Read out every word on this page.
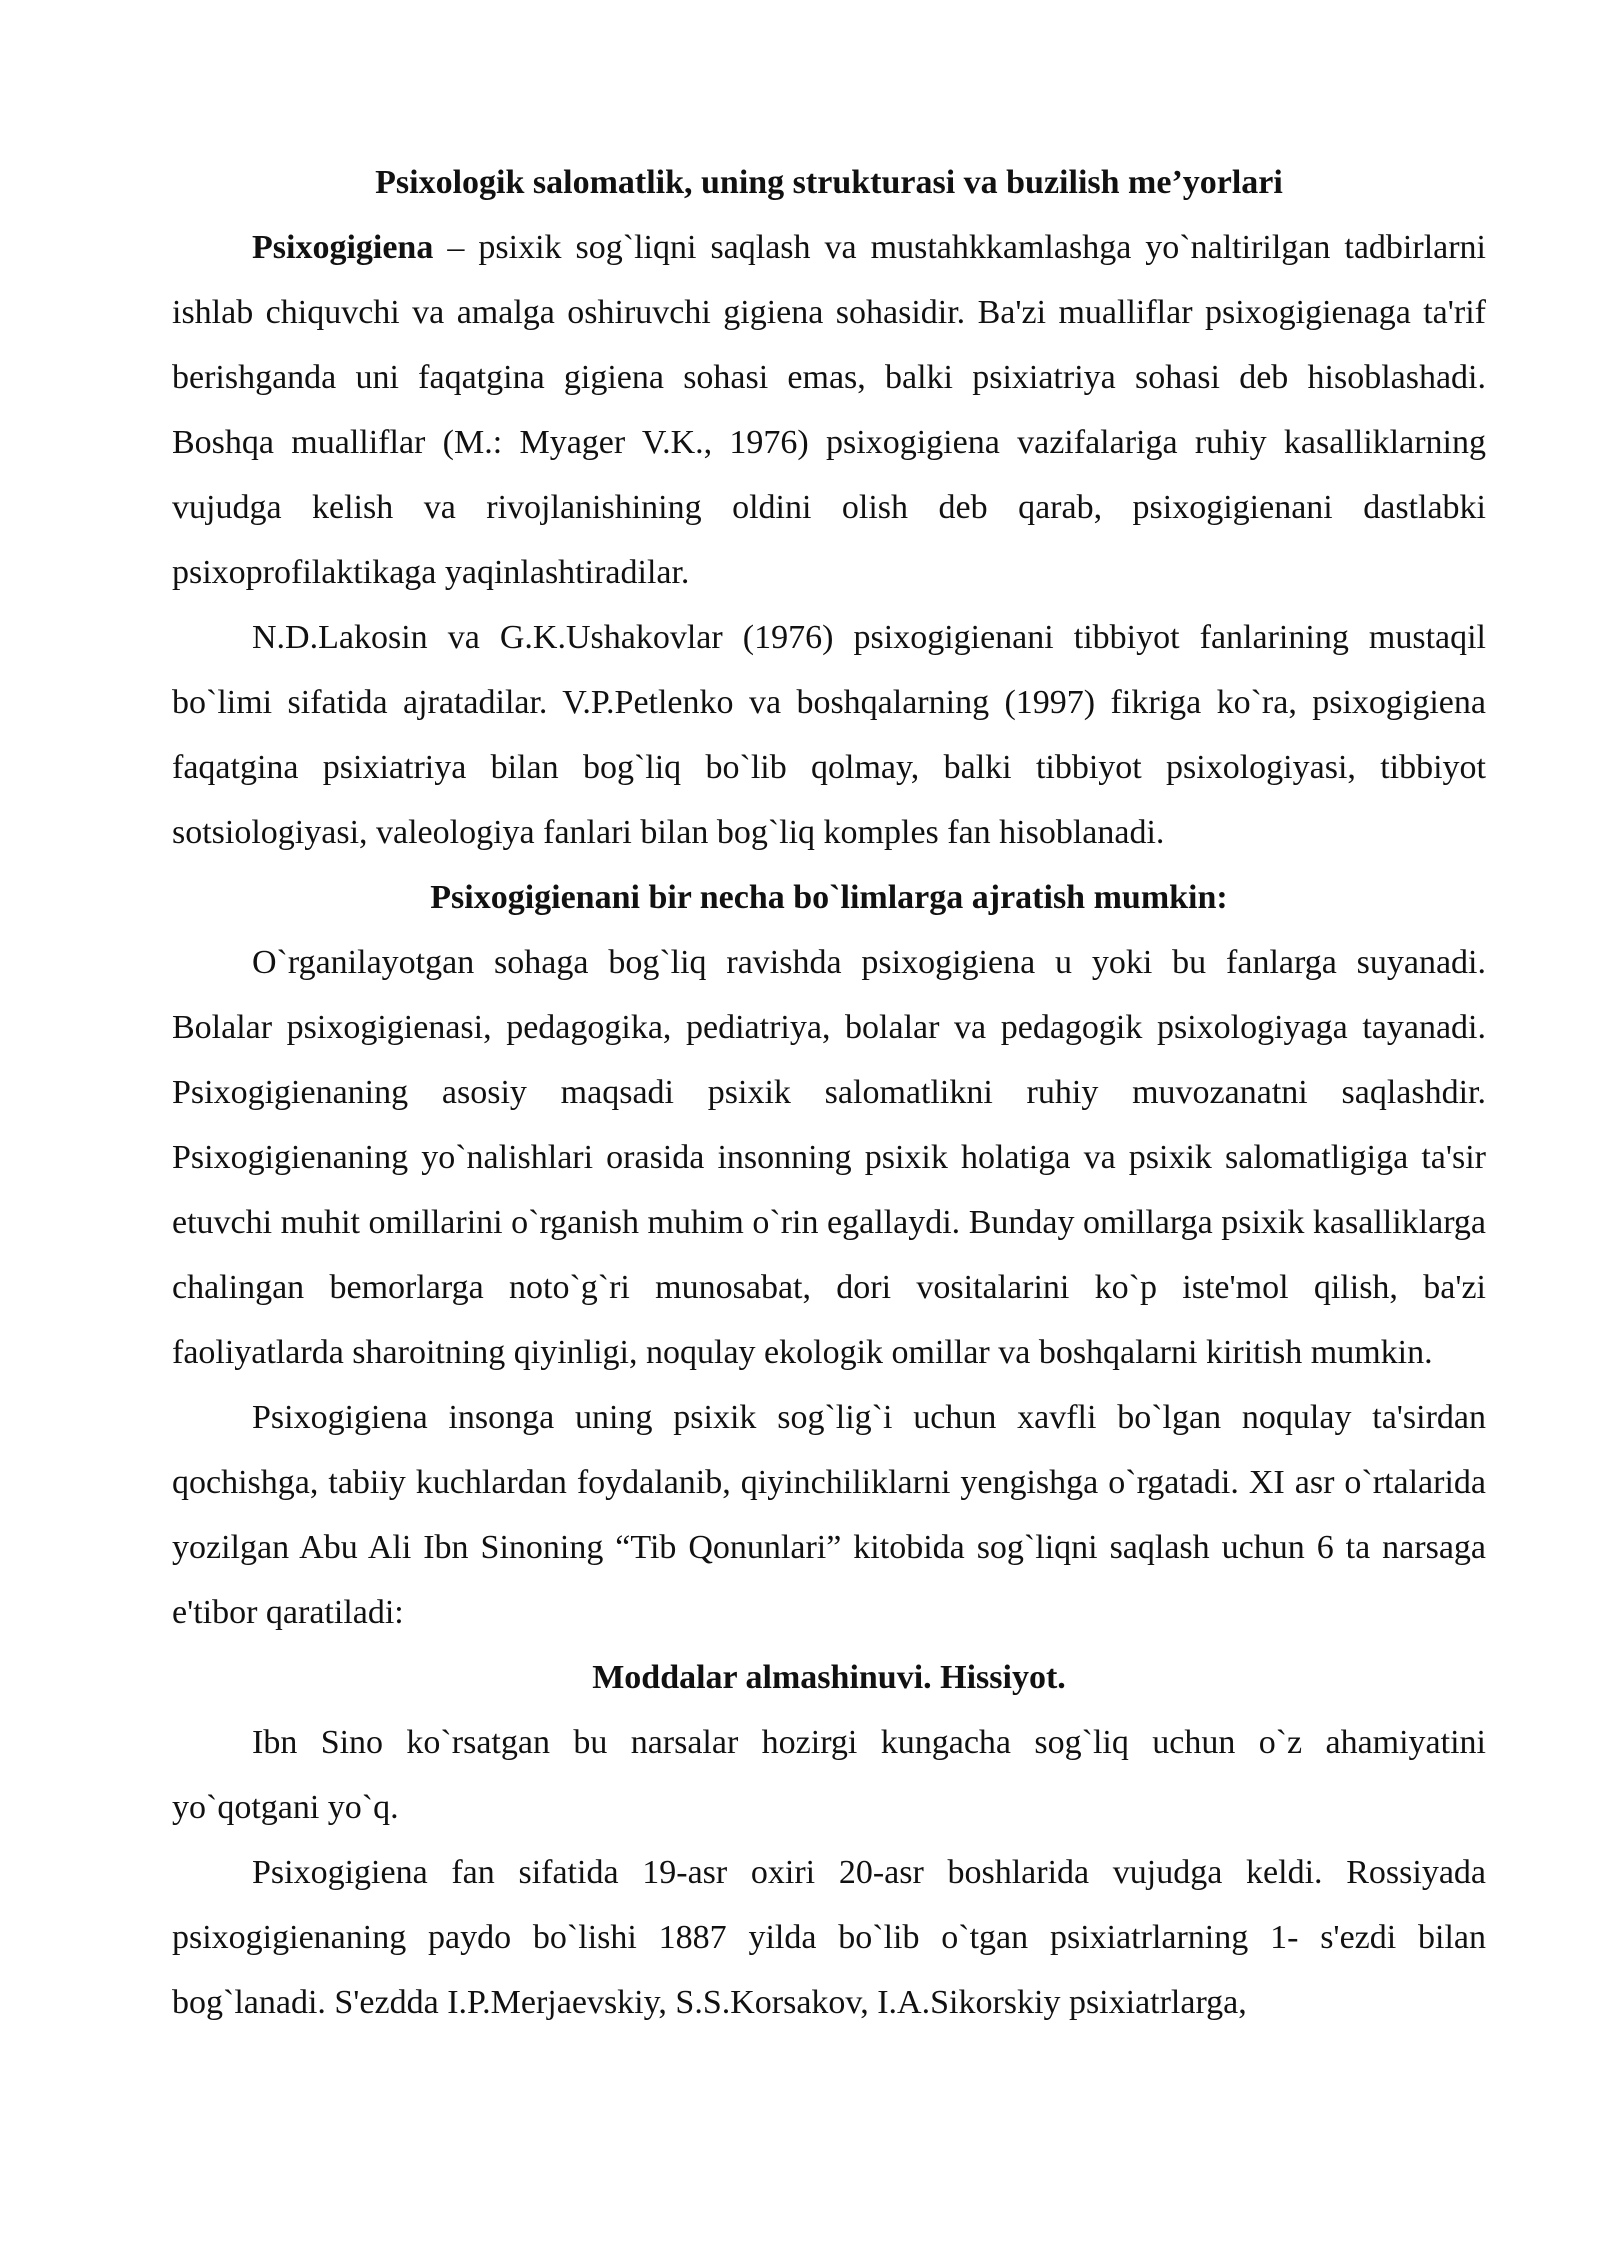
Psixologik salomatlik, uning strukturasi va buzilish me’yorlari

Psixogigiena – psixik sog`liqni saqlash va mustahkkamlashga yo`naltirilgan tadbirlarni ishlab chiquvchi va amalga oshiruvchi gigiena sohasidir. Ba'zi mualliflar psixogigienaga ta'rif berishganda uni faqatgina gigiena sohasi emas, balki psixiatriya sohasi deb hisoblashadi. Boshqa mualliflar (M.: Myager V.K., 1976) psixogigiena vazifalariga ruhiy kasalliklarning vujudga kelish va rivojlanishining oldini olish deb qarab, psixogigienani dastlabki psixoprofilaktikaga yaqinlashtiradilar.

N.D.Lakosin va G.K.Ushakovlar (1976) psixogigienani tibbiyot fanlarining mustaqil bo`limi sifatida ajratadilar. V.P.Petlenko va boshqalarning (1997) fikriga ko`ra, psixogigiena faqatgina psixiatriya bilan bog`liq bo`lib qolmay, balki tibbiyot psixologiyasi, tibbiyot sotsiologiyasi, valeologiya fanlari bilan bog`liq komples fan hisoblanadi.

Psixogigienani bir necha bo`limlarga ajratish mumkin:

O`rganilayotgan sohaga bog`liq ravishda psixogigiena u yoki bu fanlarga suyanadi. Bolalar psixogigienasi, pedagogika, pediatriya, bolalar va pedagogik psixologiyaga tayanadi. Psixogigienaning asosiy maqsadi psixik salomatlikni ruhiy muvozanatni saqlashdir. Psixogigienaning yo`nalishlari orasida insonning psixik holatiga va psixik salomatligiga ta'sir etuvchi muhit omillarini o`rganish muhim o`rin egallaydi. Bunday omillarga psixik kasalliklarga chalingan bemorlarga noto`g`ri munosabat, dori vositalarini ko`p iste'mol qilish, ba'zi faoliyatlarda sharoitning qiyinligi, noqulay ekologik omillar va boshqalarni kiritish mumkin.

Psixogigiena insonga uning psixik sog`lig`i uchun xavfli bo`lgan noqulay ta'sirdan qochishga, tabiiy kuchlardan foydalanib, qiyinchiliklarni yengishga o`rgatadi. XI asr o`rtalarida yozilgan Abu Ali Ibn Sinoning “Tib Qonunlari” kitobida sog`liqni saqlash uchun 6 ta narsaga e'tibor qaratiladi:

Moddalar almashinuvi. Hissiyot.

Ibn Sino ko`rsatgan bu narsalar hozirgi kungacha sog`liq uchun o`z ahamiyatini yo`qotgani yo`q.

Psixogigiena fan sifatida 19-asr oxiri 20-asr boshlarida vujudga keldi. Rossiyada psixogigienaning paydo bo`lishi 1887 yilda bo`lib o`tgan psixiatrlarning 1- s'ezdi bilan bog`lanadi. S'ezdda I.P.Merjaevskiy, S.S.Korsakov, I.A.Sikorskiy psixiatrlarga,
